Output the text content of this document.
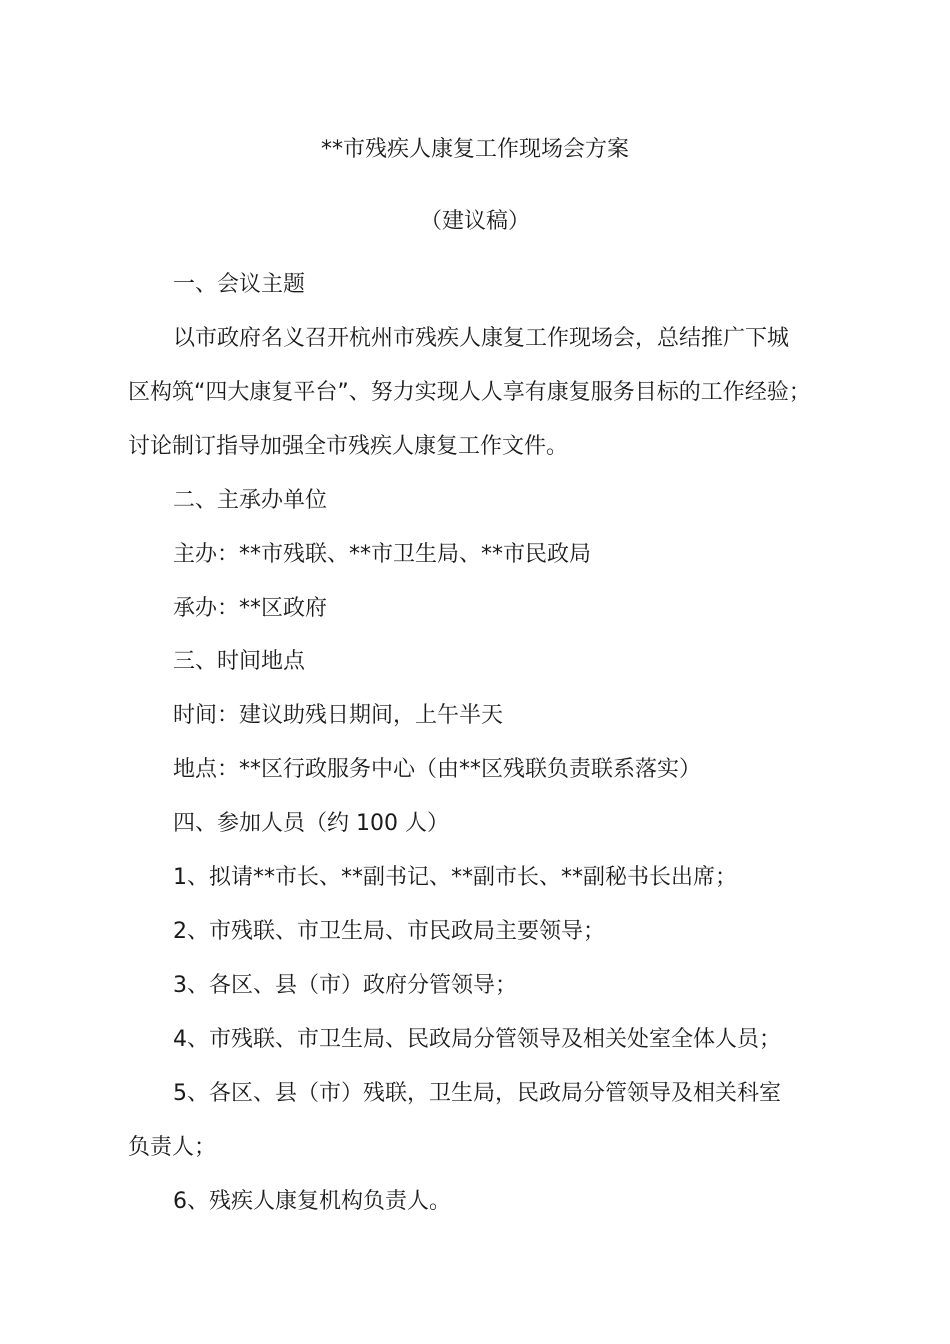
**市残疾人康复工作现场会方案
（建议稿）
一、会议主题
以市政府名义召开杭州市残疾人康复工作现场会，总结推广下城
区构筑“四大康复平台”、努力实现人人享有康复服务目标的工作经验；
讨论制订指导加强全市残疾人康复工作文件。
二、主承办单位
主办：**市残联、**市卫生局、**市民政局
承办：**区政府
三、时间地点
时间：建议助残日期间，上午半天
地点：**区行政服务中心（由**区残联负责联系落实）
四、参加人员（约 100 人）
1、拟请**市长、**副书记、**副市长、**副秘书长出席；
2、市残联、市卫生局、市民政局主要领导；
3、各区、县（市）政府分管领导；
4、市残联、市卫生局、民政局分管领导及相关处室全体人员；
5、各区、县（市）残联，卫生局，民政局分管领导及相关科室
负责人；
6、残疾人康复机构负责人。
